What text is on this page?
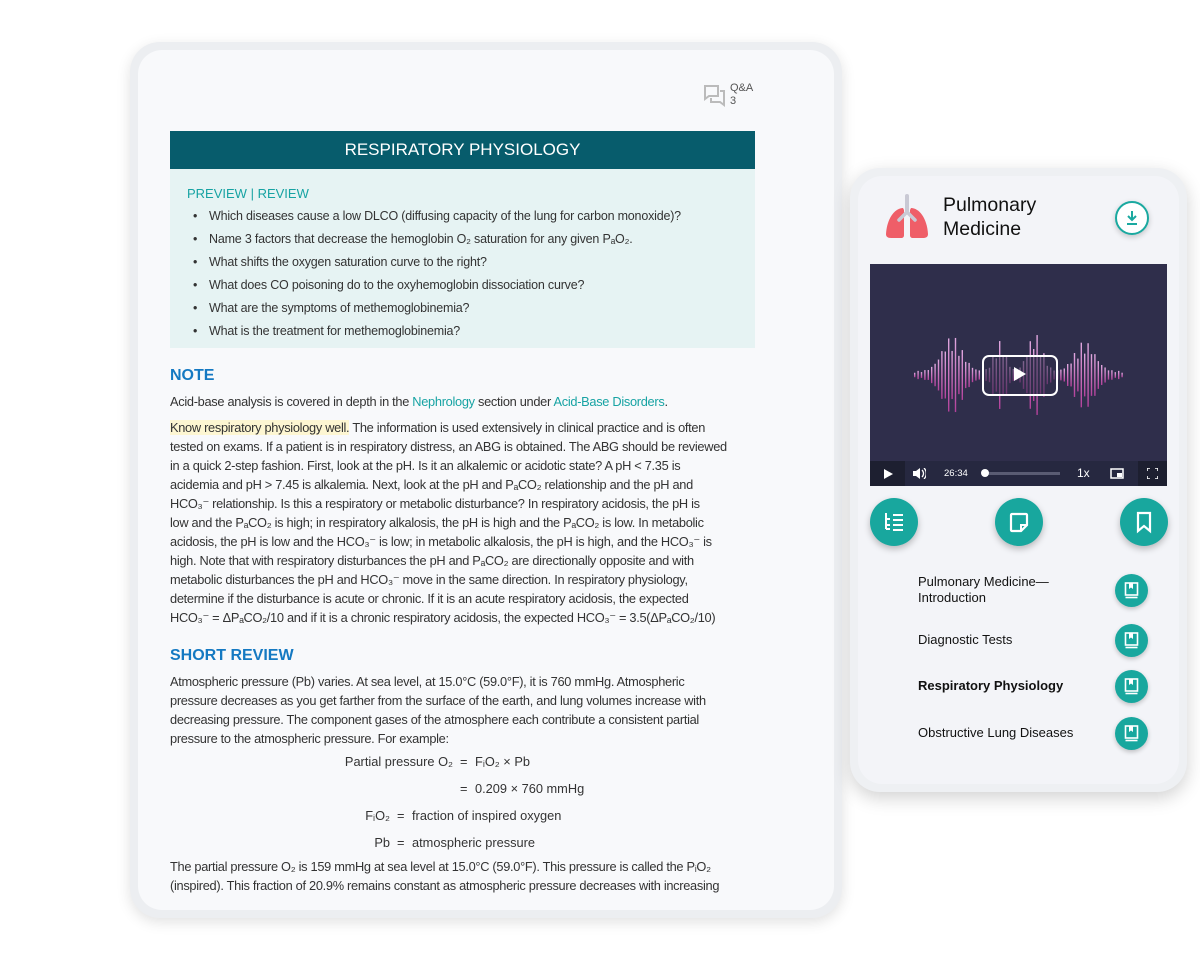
Q&A
3
RESPIRATORY PHYSIOLOGY
PREVIEW | REVIEW
• Which diseases cause a low DLCO (diffusing capacity of the lung for carbon monoxide)?
• Name 3 factors that decrease the hemoglobin O₂ saturation for any given PₐO₂.
• What shifts the oxygen saturation curve to the right?
• What does CO poisoning do to the oxyhemoglobin dissociation curve?
• What are the symptoms of methemoglobinemia?
• What is the treatment for methemoglobinemia?
NOTE
Acid-base analysis is covered in depth in the Nephrology section under Acid-Base Disorders.
Know respiratory physiology well. The information is used extensively in clinical practice and is often
tested on exams. If a patient is in respiratory distress, an ABG is obtained. The ABG should be reviewed
in a quick 2-step fashion. First, look at the pH. Is it an alkalemic or acidotic state? A pH < 7.35 is
acidemia and pH > 7.45 is alkalemia. Next, look at the pH and PₐCO₂ relationship and the pH and
HCO₃⁻ relationship. Is this a respiratory or metabolic disturbance? In respiratory acidosis, the pH is
low and the PₐCO₂ is high; in respiratory alkalosis, the pH is high and the PₐCO₂ is low. In metabolic
acidosis, the pH is low and the HCO₃⁻ is low; in metabolic alkalosis, the pH is high, and the HCO₃⁻ is
high. Note that with respiratory disturbances the pH and PₐCO₂ are directionally opposite and with
metabolic disturbances the pH and HCO₃⁻ move in the same direction. In respiratory physiology,
determine if the disturbance is acute or chronic. If it is an acute respiratory acidosis, the expected
HCO₃⁻ = ΔPₐCO₂/10 and if it is a chronic respiratory acidosis, the expected HCO₃⁻ = 3.5(ΔPₐCO₂/10)
SHORT REVIEW
Atmospheric pressure (Pb) varies. At sea level, at 15.0°C (59.0°F), it is 760 mmHg. Atmospheric
pressure decreases as you get farther from the surface of the earth, and lung volumes increase with
decreasing pressure. The component gases of the atmosphere each contribute a consistent partial
pressure to the atmospheric pressure. For example:
Partial pressure O₂ = FᵢO₂ × Pb
= 0.209 × 760 mmHg
FᵢO₂ = fraction of inspired oxygen
Pb = atmospheric pressure
The partial pressure O₂ is 159 mmHg at sea level at 15.0°C (59.0°F). This pressure is called the PᵢO₂
(inspired). This fraction of 20.9% remains constant as atmospheric pressure decreases with increasing
Pulmonary
Medicine
26:34	1x
Pulmonary Medicine—
Introduction
Diagnostic Tests
Respiratory Physiology
Obstructive Lung Diseases
